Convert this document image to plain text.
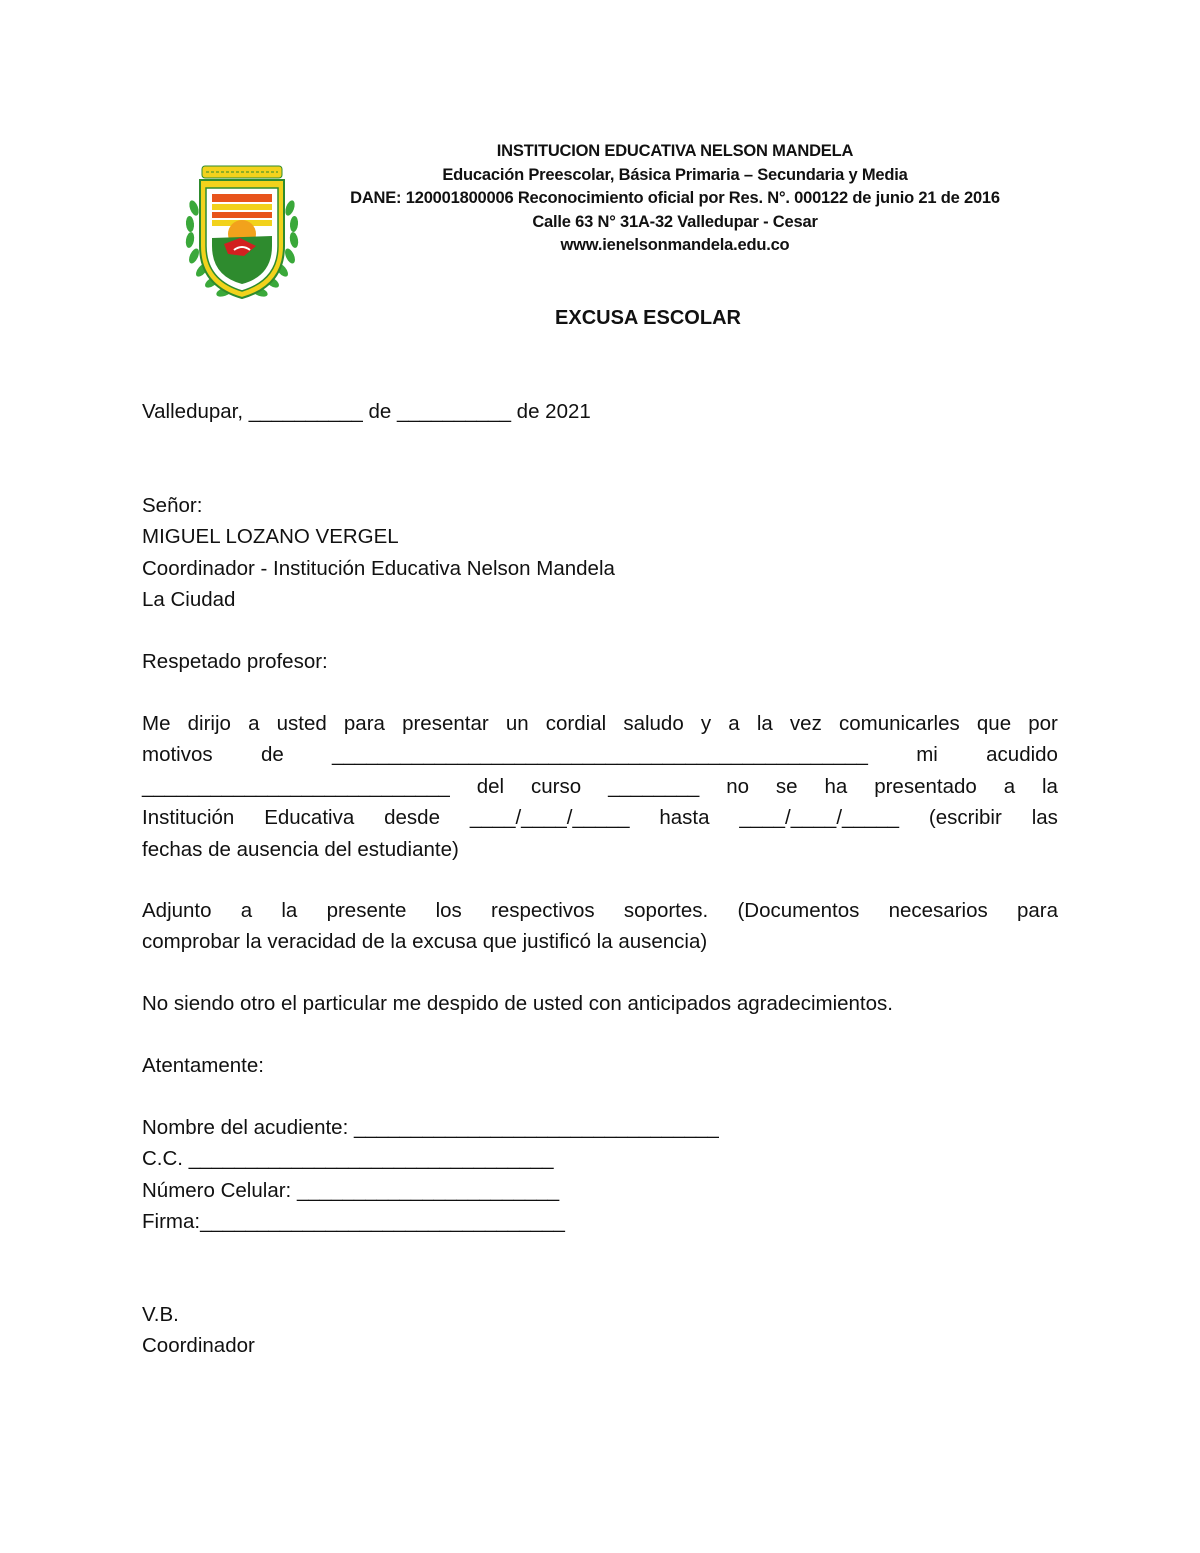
INSTITUCION EDUCATIVA NELSON MANDELA
Educación Preescolar, Básica Primaria – Secundaria y Media
DANE: 120001800006 Reconocimiento oficial por Res. N°. 000122 de junio 21 de 2016
Calle 63 N° 31A-32 Valledupar - Cesar
www.ienelsonmandela.edu.co
EXCUSA ESCOLAR
Valledupar, __________ de __________ de 2021
Señor:
MIGUEL LOZANO VERGEL
Coordinador - Institución Educativa Nelson Mandela
La Ciudad
Respetado profesor:
Me dirijo a usted para presentar un cordial saludo y a la vez comunicarles que por
motivos de _______________________________________________ mi acudido
___________________________ del curso ________ no se ha presentado a la
Institución Educativa desde ____/____/_____ hasta ____/____/_____ (escribir las
fechas de ausencia del estudiante)
Adjunto a la presente los respectivos soportes. (Documentos necesarios para
comprobar la veracidad de la excusa que justificó la ausencia)
No siendo otro el particular me despido de usted con anticipados agradecimientos.
Atentamente:
Nombre del acudiente: ________________________________
C.C. ________________________________
Número Celular: _______________________
Firma:________________________________
V.B.
Coordinador
